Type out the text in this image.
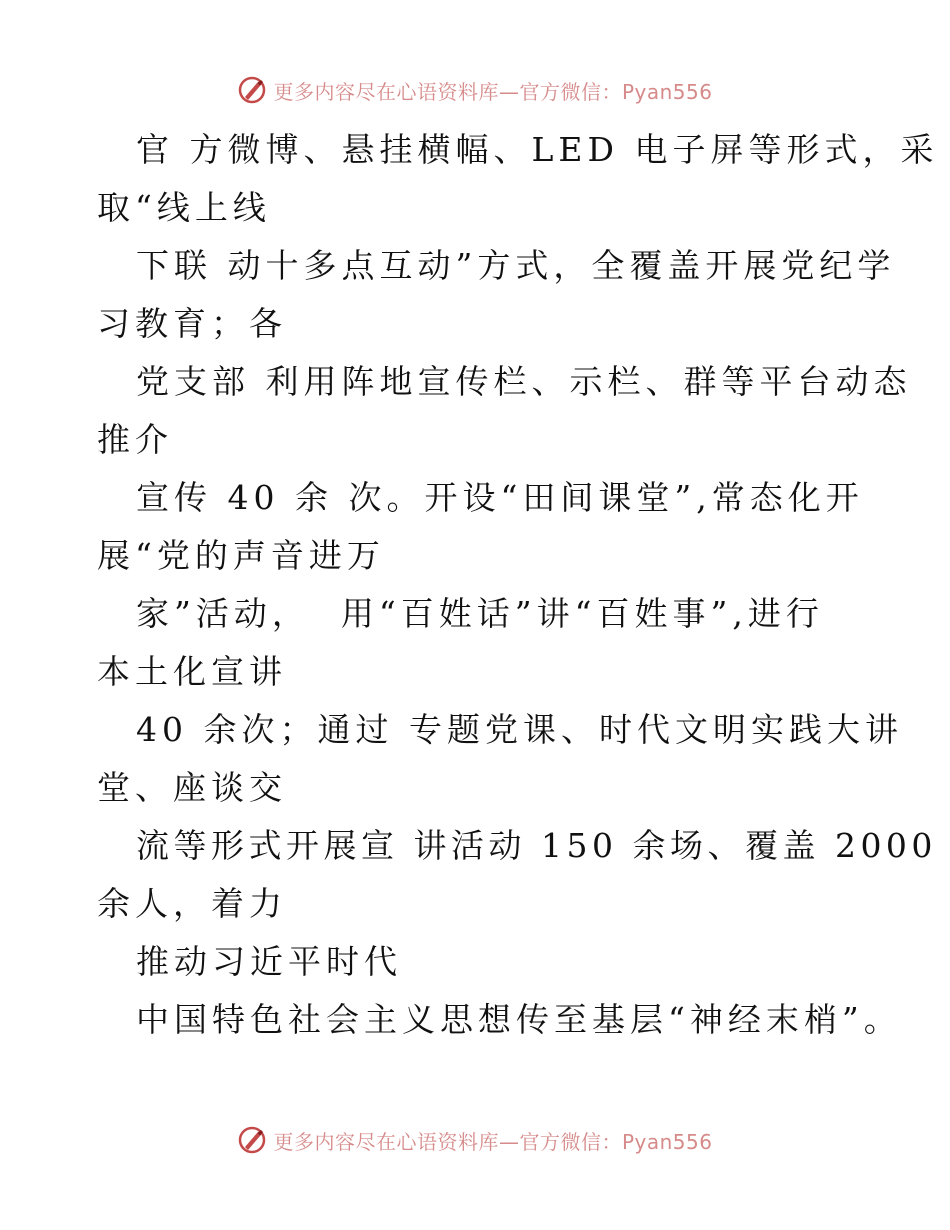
更多内容尽在心语资料库—官方微信：Pyan556
官 方微博、悬挂横幅、LED 电子屏等形式，采
取“线上线
下联 动十多点互动”方式，全覆盖开展党纪学
习教育；各
党支部 利用阵地宣传栏、示栏、群等平台动态
推介
宣传 40 余 次。开设“田间课堂”,常态化开
展“党的声音进万
家”活动，  用“百姓话”讲“百姓事”,进行
本土化宣讲
40 余次；通过 专题党课、时代文明实践大讲
堂、座谈交
流等形式开展宣 讲活动 150 余场、覆盖 2000
余人，着力
推动习近平时代
中国特色社会主义思想传至基层“神经末梢”。
更多内容尽在心语资料库—官方微信：Pyan556
